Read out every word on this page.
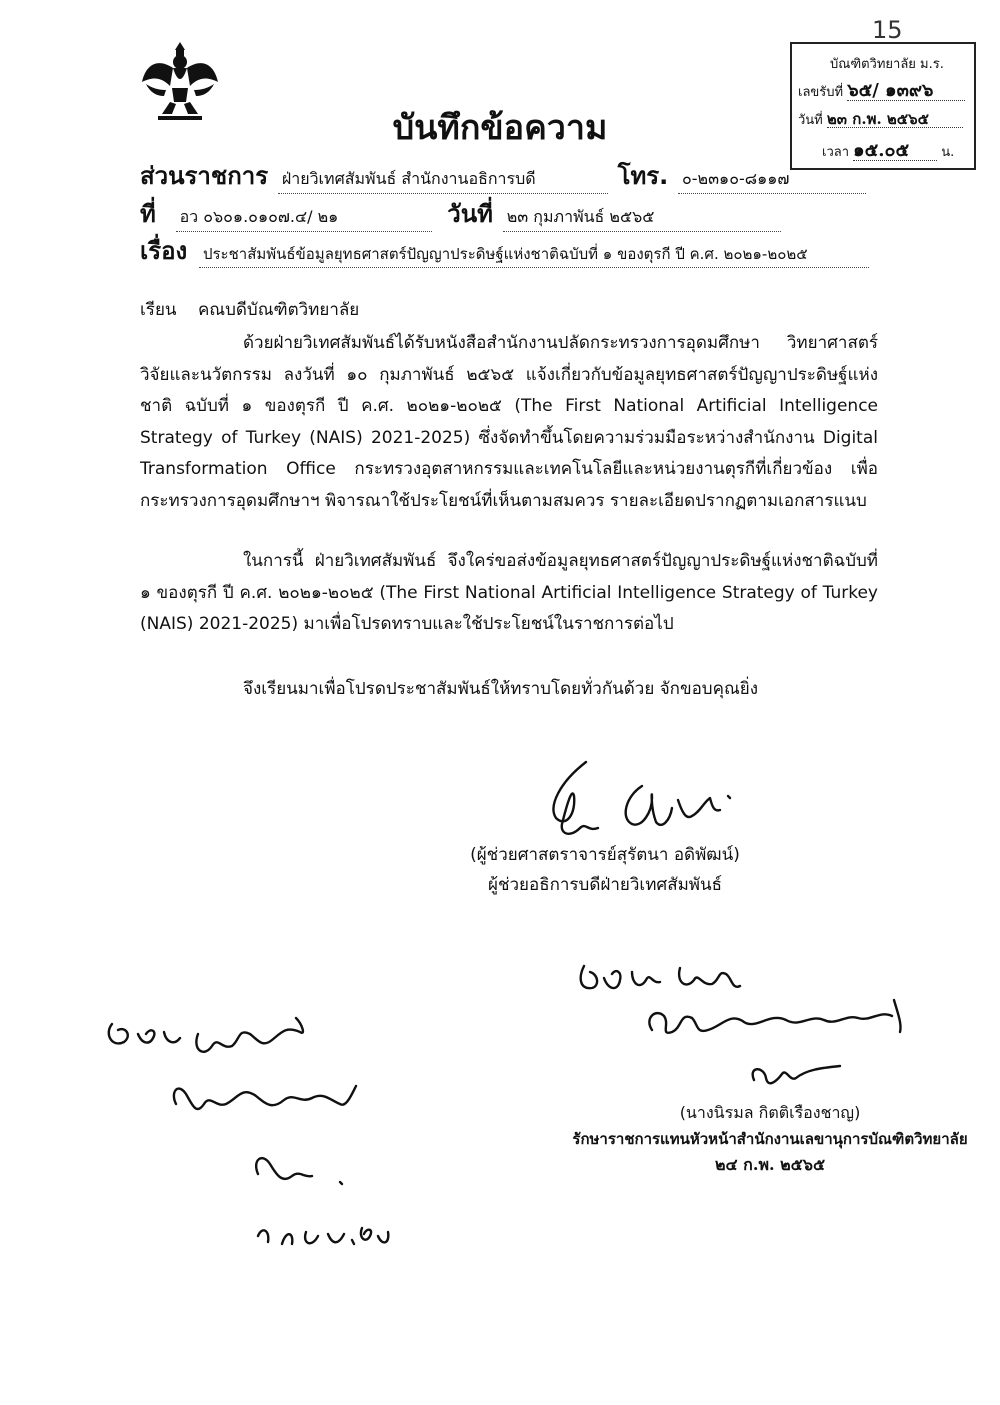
15
บัณฑิตวิทยาลัย ม.ร.
เลขรับที่ ๖๕/ ๑๓๙๖
วันที่ ๒๓ ก.พ. ๒๕๖๕
เวลา ๑๕.๐๕ น.
บันทึกข้อความ
ส่วนราชการ ฝ่ายวิเทศสัมพันธ์ สำนักงานอธิการบดี	โทร. ๐-๒๓๑๐-๘๑๑๗
ที่ อว ๐๖๐๑.๐๑๐๗.๔/ ๒๑	วันที่ ๒๓ กุมภาพันธ์ ๒๕๖๕
เรื่อง ประชาสัมพันธ์ข้อมูลยุทธศาสตร์ปัญญาประดิษฐ์แห่งชาติฉบับที่ ๑ ของตุรกี ปี ค.ศ. ๒๐๒๑-๒๐๒๕
เรียน คณบดีบัณฑิตวิทยาลัย

ด้วยฝ่ายวิเทศสัมพันธ์ได้รับหนังสือสำนักงานปลัดกระทรวงการอุดมศึกษา วิทยาศาสตร์ วิจัยและนวัตกรรม ลงวันที่ ๑๐ กุมภาพันธ์ ๒๕๖๕ แจ้งเกี่ยวกับข้อมูลยุทธศาสตร์ปัญญาประดิษฐ์แห่งชาติ ฉบับที่ ๑ ของตุรกี ปี ค.ศ. ๒๐๒๑-๒๐๒๕ (The First National Artificial Intelligence Strategy of Turkey (NAIS) 2021-2025) ซึ่งจัดทำขึ้นโดยความร่วมมือระหว่างสำนักงาน Digital Transformation Office กระทรวงอุตสาหกรรมและเทคโนโลยีและหน่วยงานตุรกีที่เกี่ยวข้อง เพื่อกระทรวงการอุดมศึกษาฯ พิจารณาใช้ประโยชน์ที่เห็นตามสมควร รายละเอียดปรากฏตามเอกสารแนบ

ในการนี้ ฝ่ายวิเทศสัมพันธ์ จึงใคร่ขอส่งข้อมูลยุทธศาสตร์ปัญญาประดิษฐ์แห่งชาติฉบับที่ ๑ ของตุรกี ปี ค.ศ. ๒๐๒๑-๒๐๒๕ (The First National Artificial Intelligence Strategy of Turkey (NAIS) 2021-2025) มาเพื่อโปรดทราบและใช้ประโยชน์ในราชการต่อไป

จึงเรียนมาเพื่อโปรดประชาสัมพันธ์ให้ทราบโดยทั่วกันด้วย จักขอบคุณยิ่ง
(ผู้ช่วยศาสตราจารย์สุรัตนา อดิพัฒน์)
ผู้ช่วยอธิการบดีฝ่ายวิเทศสัมพันธ์
(นางนิรมล กิตติเรืองชาญ)
รักษาราชการแทนหัวหน้าสำนักงานเลขานุการบัณฑิตวิทยาลัย
๒๔ ก.พ. ๒๕๖๕
